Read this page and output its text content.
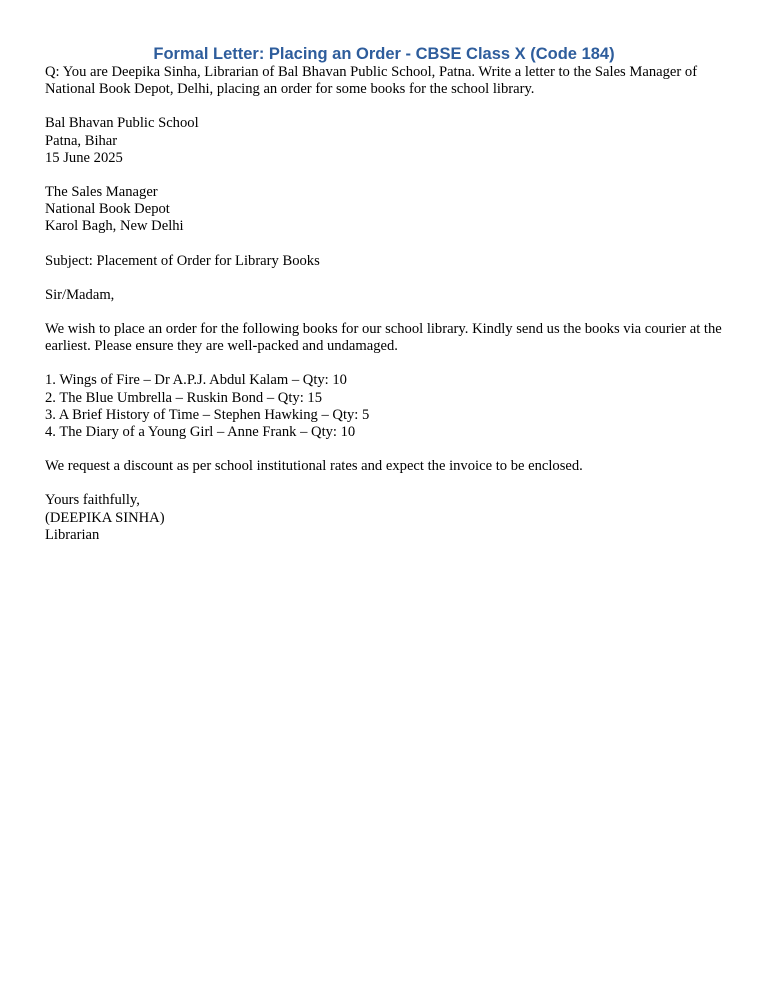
Formal Letter: Placing an Order - CBSE Class X (Code 184)
Q: You are Deepika Sinha, Librarian of Bal Bhavan Public School, Patna. Write a letter to the Sales Manager of National Book Depot, Delhi, placing an order for some books for the school library.
Bal Bhavan Public School
Patna, Bihar
15 June 2025
The Sales Manager
National Book Depot
Karol Bagh, New Delhi
Subject: Placement of Order for Library Books
Sir/Madam,
We wish to place an order for the following books for our school library. Kindly send us the books via courier at the earliest. Please ensure they are well-packed and undamaged.
1. Wings of Fire – Dr A.P.J. Abdul Kalam – Qty: 10
2. The Blue Umbrella – Ruskin Bond – Qty: 15
3. A Brief History of Time – Stephen Hawking – Qty: 5
4. The Diary of a Young Girl – Anne Frank – Qty: 10
We request a discount as per school institutional rates and expect the invoice to be enclosed.
Yours faithfully,
(DEEPIKA SINHA)
Librarian
